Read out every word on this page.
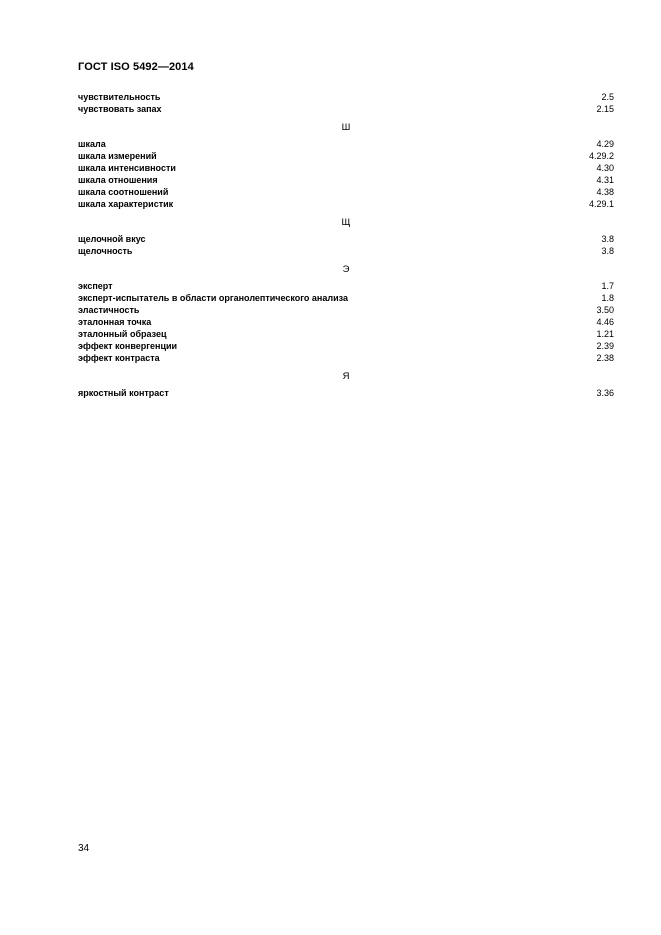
ГОСТ ISO 5492—2014
чувствительность	2.5
чувствовать запах	2.15
Ш
шкала	4.29
шкала измерений	4.29.2
шкала интенсивности	4.30
шкала отношения	4.31
шкала соотношений	4.38
шкала характеристик	4.29.1
Щ
щелочной вкус	3.8
щелочность	3.8
Э
эксперт	1.7
эксперт-испытатель в области органолептического анализа	1.8
эластичность	3.50
эталонная точка	4.46
эталонный образец	1.21
эффект конвергенции	2.39
эффект контраста	2.38
Я
яркостный контраст	3.36
34
